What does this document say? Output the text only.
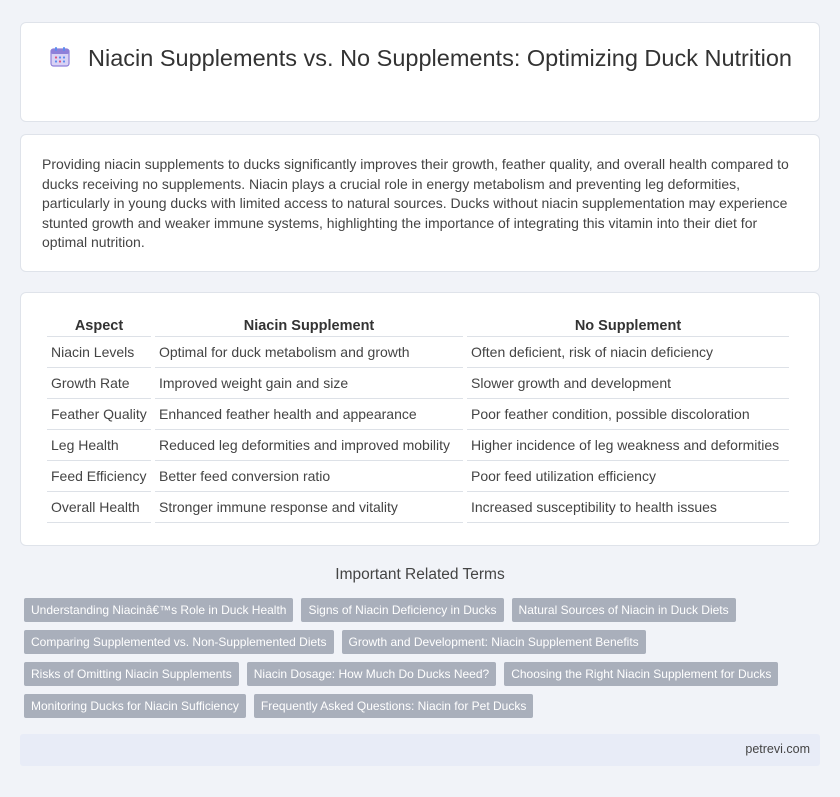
Niacin Supplements vs. No Supplements: Optimizing Duck Nutrition

Providing niacin supplements to ducks significantly improves their growth, feather quality, and overall health compared to ducks receiving no supplements. Niacin plays a crucial role in energy metabolism and preventing leg deformities, particularly in young ducks with limited access to natural sources. Ducks without niacin supplementation may experience stunted growth and weaker immune systems, highlighting the importance of integrating this vitamin into their diet for optimal nutrition.

Aspect	Niacin Supplement	No Supplement
Niacin Levels	Optimal for duck metabolism and growth	Often deficient, risk of niacin deficiency
Growth Rate	Improved weight gain and size	Slower growth and development
Feather Quality	Enhanced feather health and appearance	Poor feather condition, possible discoloration
Leg Health	Reduced leg deformities and improved mobility	Higher incidence of leg weakness and deformities
Feed Efficiency	Better feed conversion ratio	Poor feed utilization efficiency
Overall Health	Stronger immune response and vitality	Increased susceptibility to health issues
Important Related Terms
Understanding Niacinâ€™s Role in Duck Health	Signs of Niacin Deficiency in Ducks	Natural Sources of Niacin in Duck Diets
Comparing Supplemented vs. Non-Supplemented Diets	Growth and Development: Niacin Supplement Benefits
Risks of Omitting Niacin Supplements	Niacin Dosage: How Much Do Ducks Need?	Choosing the Right Niacin Supplement for Ducks
Monitoring Ducks for Niacin Sufficiency	Frequently Asked Questions: Niacin for Pet Ducks
petrevi.com
